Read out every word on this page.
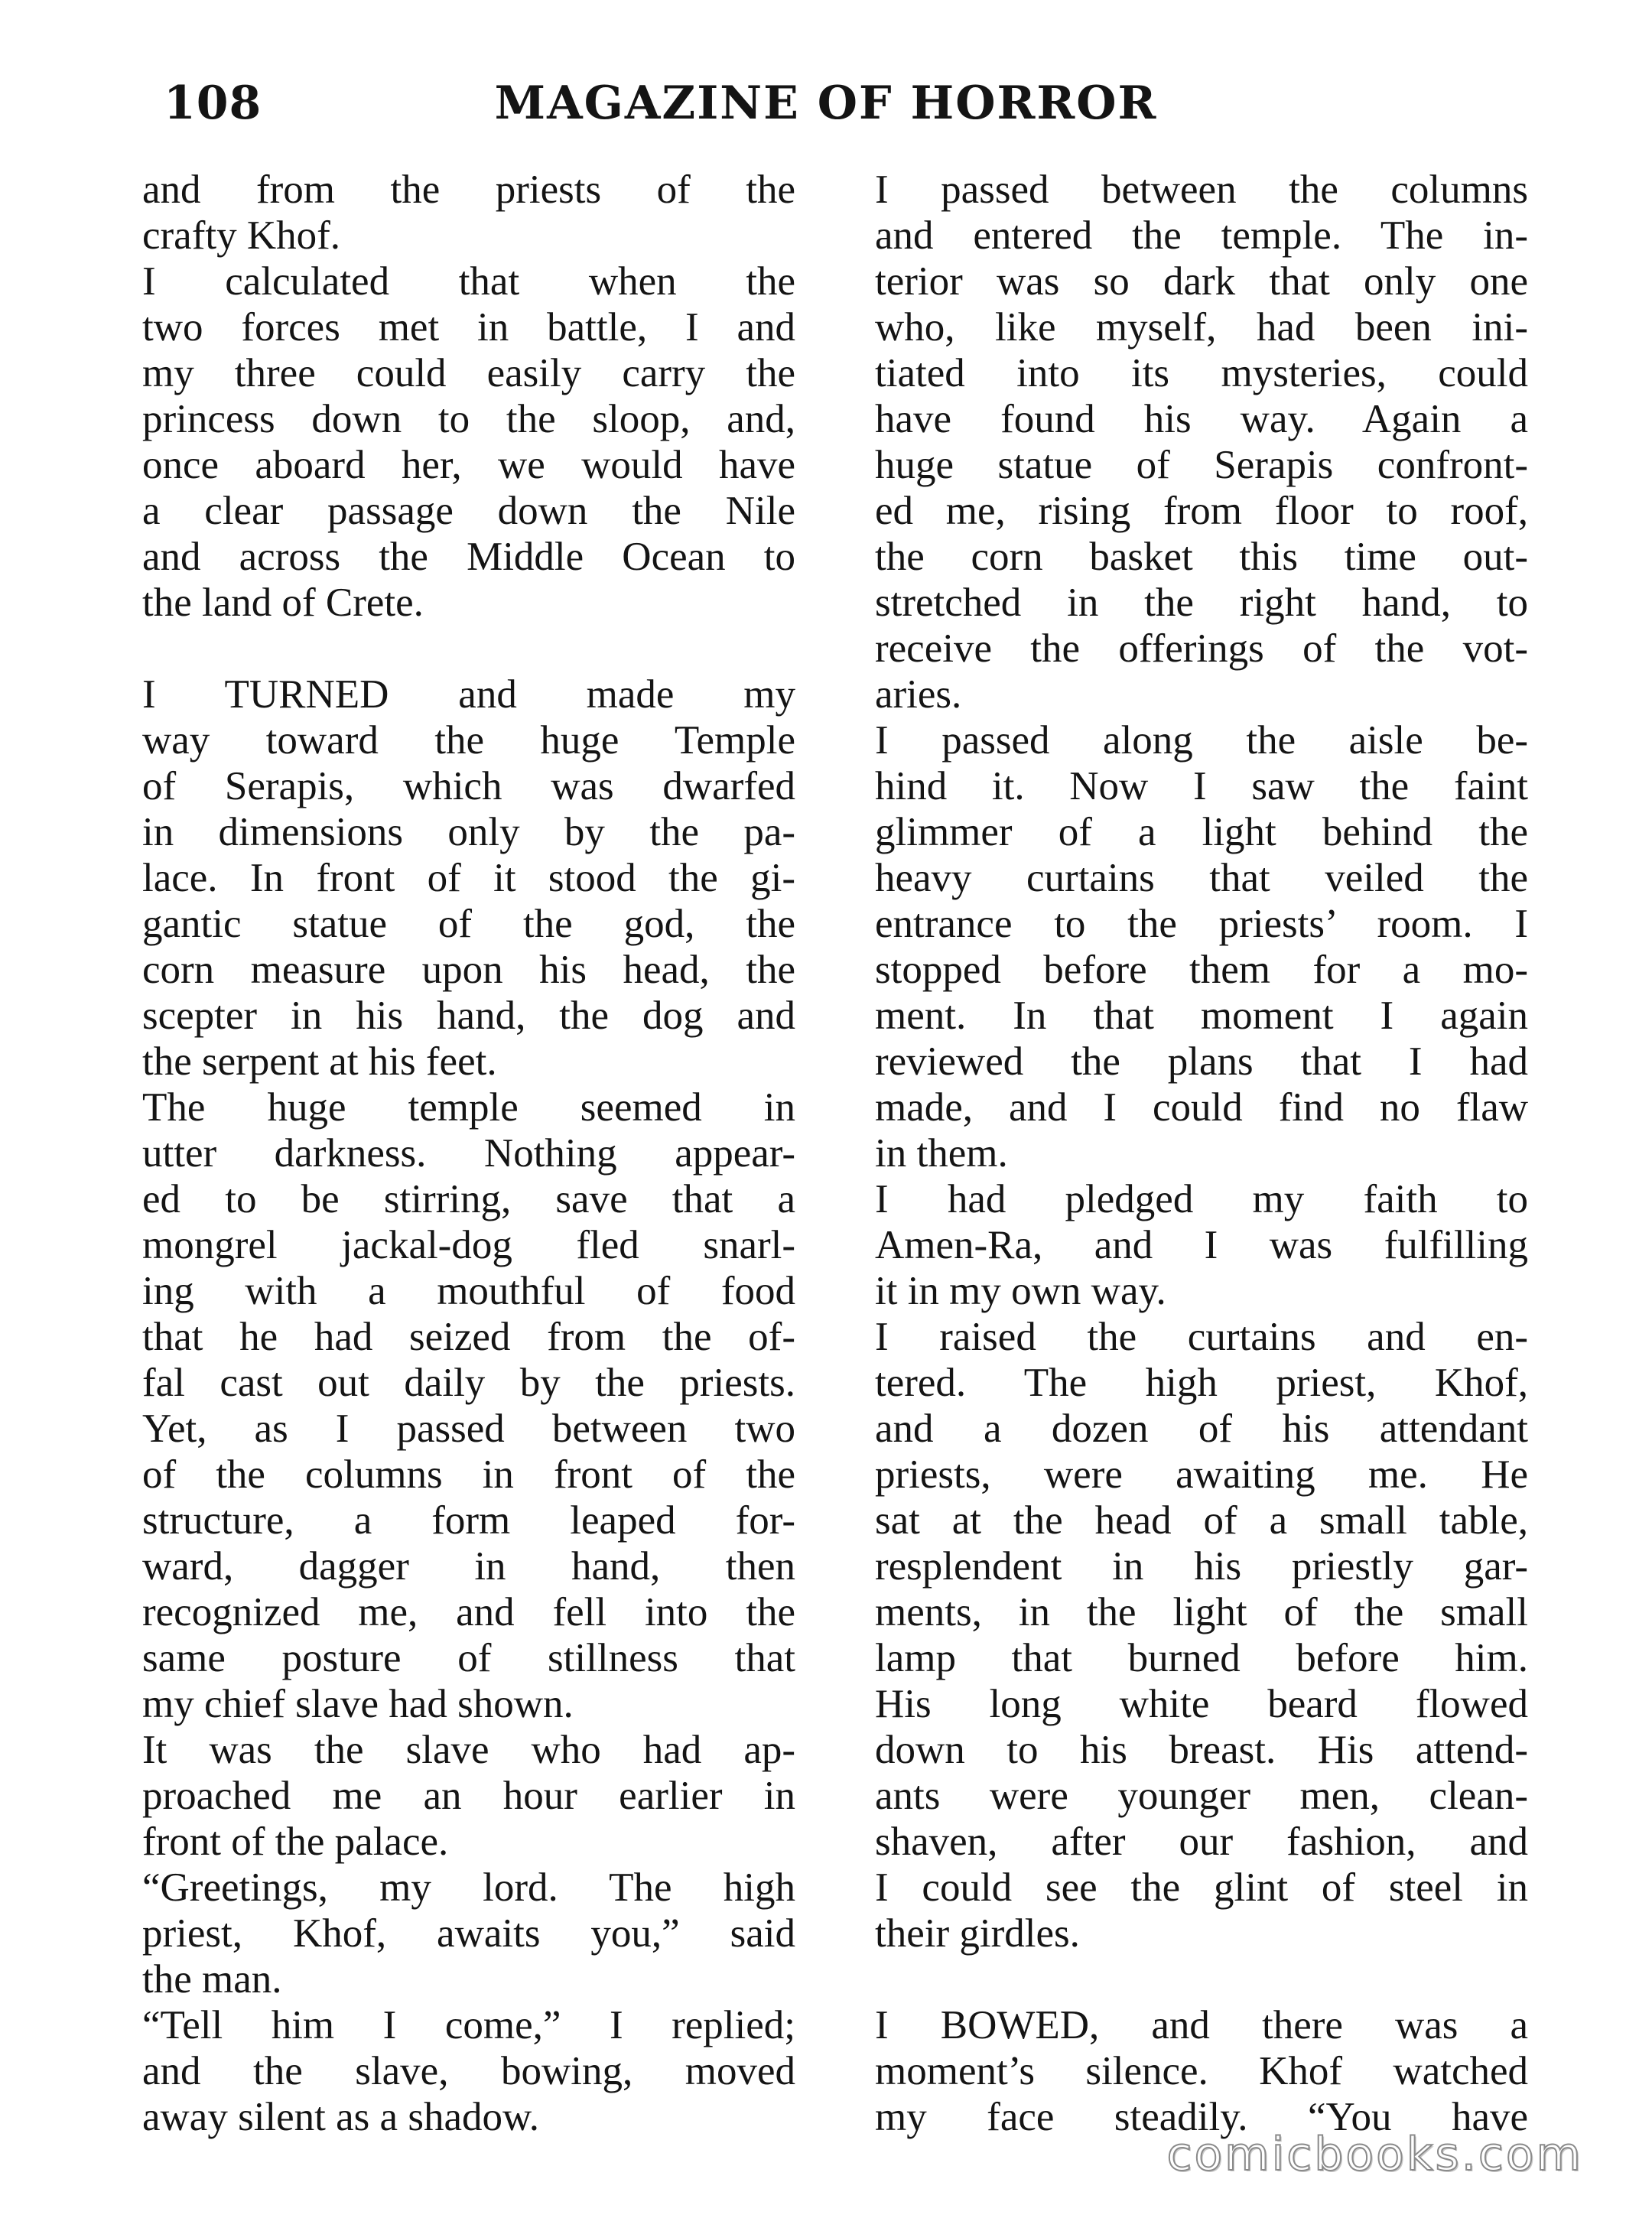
108	MAGAZINE OF HORROR
and from the priests of the
crafty Khof.
I calculated that when the
two forces met in battle, I and
my three could easily carry the
princess down to the sloop, and,
once aboard her, we would have
a clear passage down the Nile
and across the Middle Ocean to
the land of Crete.
I TURNED and made my
way toward the huge Temple
of Serapis, which was dwarfed
in dimensions only by the pa-
lace. In front of it stood the gi-
gantic statue of the god, the
corn measure upon his head, the
scepter in his hand, the dog and
the serpent at his feet.
The huge temple seemed in
utter darkness. Nothing appear-
ed to be stirring, save that a
mongrel jackal-dog fled snarl-
ing with a mouthful of food
that he had seized from the of-
fal cast out daily by the priests.
Yet, as I passed between two
of the columns in front of the
structure, a form leaped for-
ward, dagger in hand, then
recognized me, and fell into the
same posture of stillness that
my chief slave had shown.
It was the slave who had ap-
proached me an hour earlier in
front of the palace.
“Greetings, my lord. The high
priest, Khof, awaits you,” said
the man.
“Tell him I come,” I replied;
and the slave, bowing, moved
away silent as a shadow.
I passed between the columns
and entered the temple. The in-
terior was so dark that only one
who, like myself, had been ini-
tiated into its mysteries, could
have found his way. Again a
huge statue of Serapis confront-
ed me, rising from floor to roof,
the corn basket this time out-
stretched in the right hand, to
receive the offerings of the vot-
aries.
I passed along the aisle be-
hind it. Now I saw the faint
glimmer of a light behind the
heavy curtains that veiled the
entrance to the priests’ room. I
stopped before them for a mo-
ment. In that moment I again
reviewed the plans that I had
made, and I could find no flaw
in them.
I had pledged my faith to
Amen-Ra, and I was fulfilling
it in my own way.
I raised the curtains and en-
tered. The high priest, Khof,
and a dozen of his attendant
priests, were awaiting me. He
sat at the head of a small table,
resplendent in his priestly gar-
ments, in the light of the small
lamp that burned before him.
His long white beard flowed
down to his breast. His attend-
ants were younger men, clean-
shaven, after our fashion, and
I could see the glint of steel in
their girdles.
I BOWED, and there was a
moment’s silence. Khof watched
my face steadily. “You have
comicbooks.com
